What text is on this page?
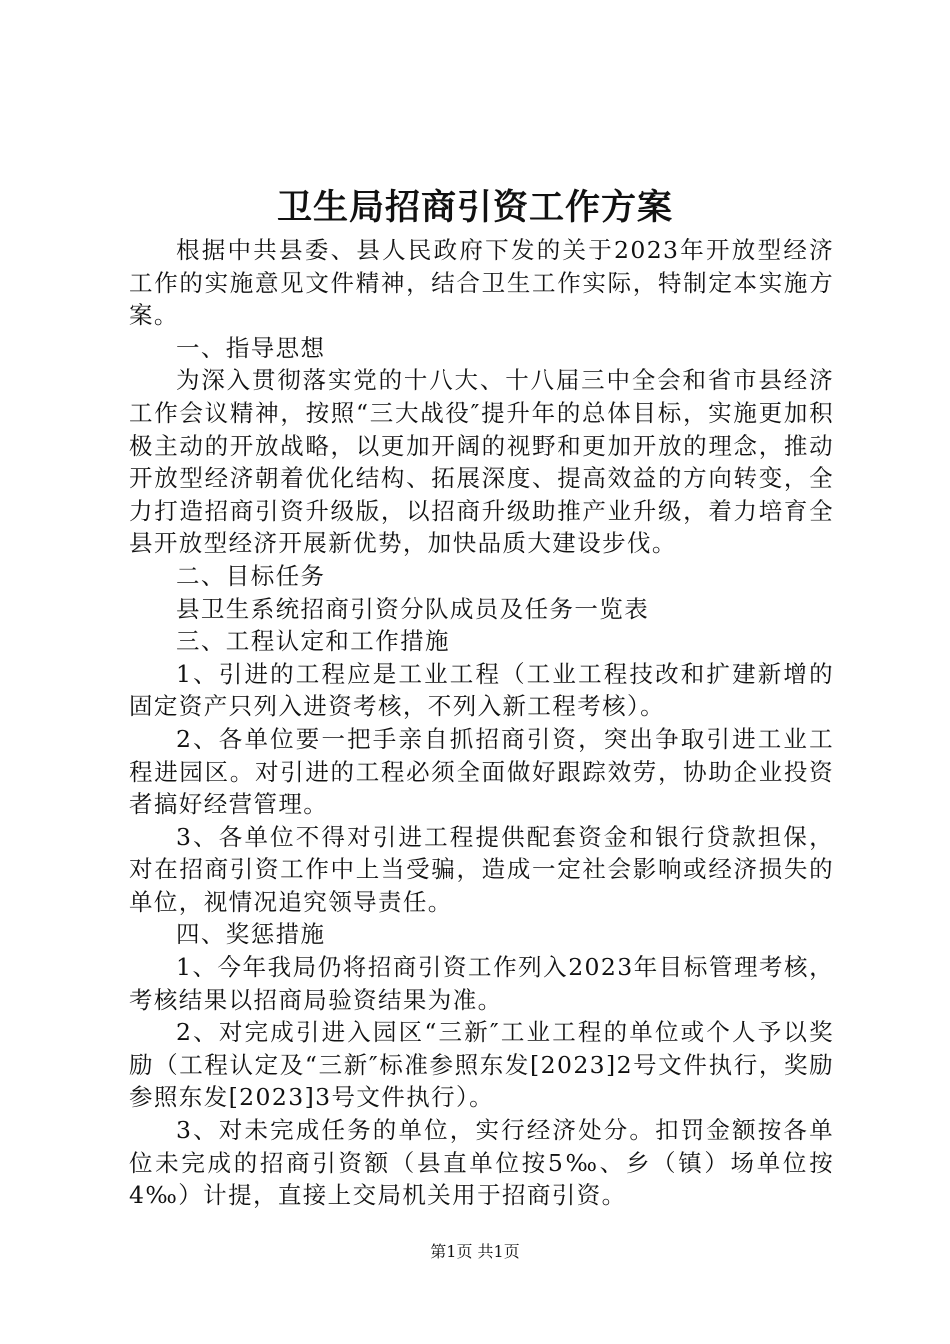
卫生局招商引资工作方案

根据中共县委、县人民政府下发的关于2023年开放型经济工作的实施意见文件精神，结合卫生工作实际，特制定本实施方案。

一、指导思想

为深入贯彻落实党的十八大、十八届三中全会和省市县经济工作会议精神，按照“三大战役″提升年的总体目标，实施更加积极主动的开放战略，以更加开阔的视野和更加开放的理念，推动开放型经济朝着优化结构、拓展深度、提高效益的方向转变，全力打造招商引资升级版，以招商升级助推产业升级，着力培育全县开放型经济开展新优势，加快品质大建设步伐。

二、目标任务

县卫生系统招商引资分队成员及任务一览表

三、工程认定和工作措施

1、引进的工程应是工业工程（工业工程技改和扩建新增的固定资产只列入进资考核，不列入新工程考核）。

2、各单位要一把手亲自抓招商引资，突出争取引进工业工程进园区。对引进的工程必须全面做好跟踪效劳，协助企业投资者搞好经营管理。

3、各单位不得对引进工程提供配套资金和银行贷款担保，对在招商引资工作中上当受骗，造成一定社会影响或经济损失的单位，视情况追究领导责任。

四、奖惩措施

1、今年我局仍将招商引资工作列入2023年目标管理考核，考核结果以招商局验资结果为准。

2、对完成引进入园区“三新″工业工程的单位或个人予以奖励（工程认定及“三新″标准参照东发[2023]2号文件执行，奖励参照东发[2023]3号文件执行）。

3、对未完成任务的单位，实行经济处分。扣罚金额按各单位未完成的招商引资额（县直单位按5‰、乡（镇）场单位按4‰）计提，直接上交局机关用于招商引资。

第1页 共1页
